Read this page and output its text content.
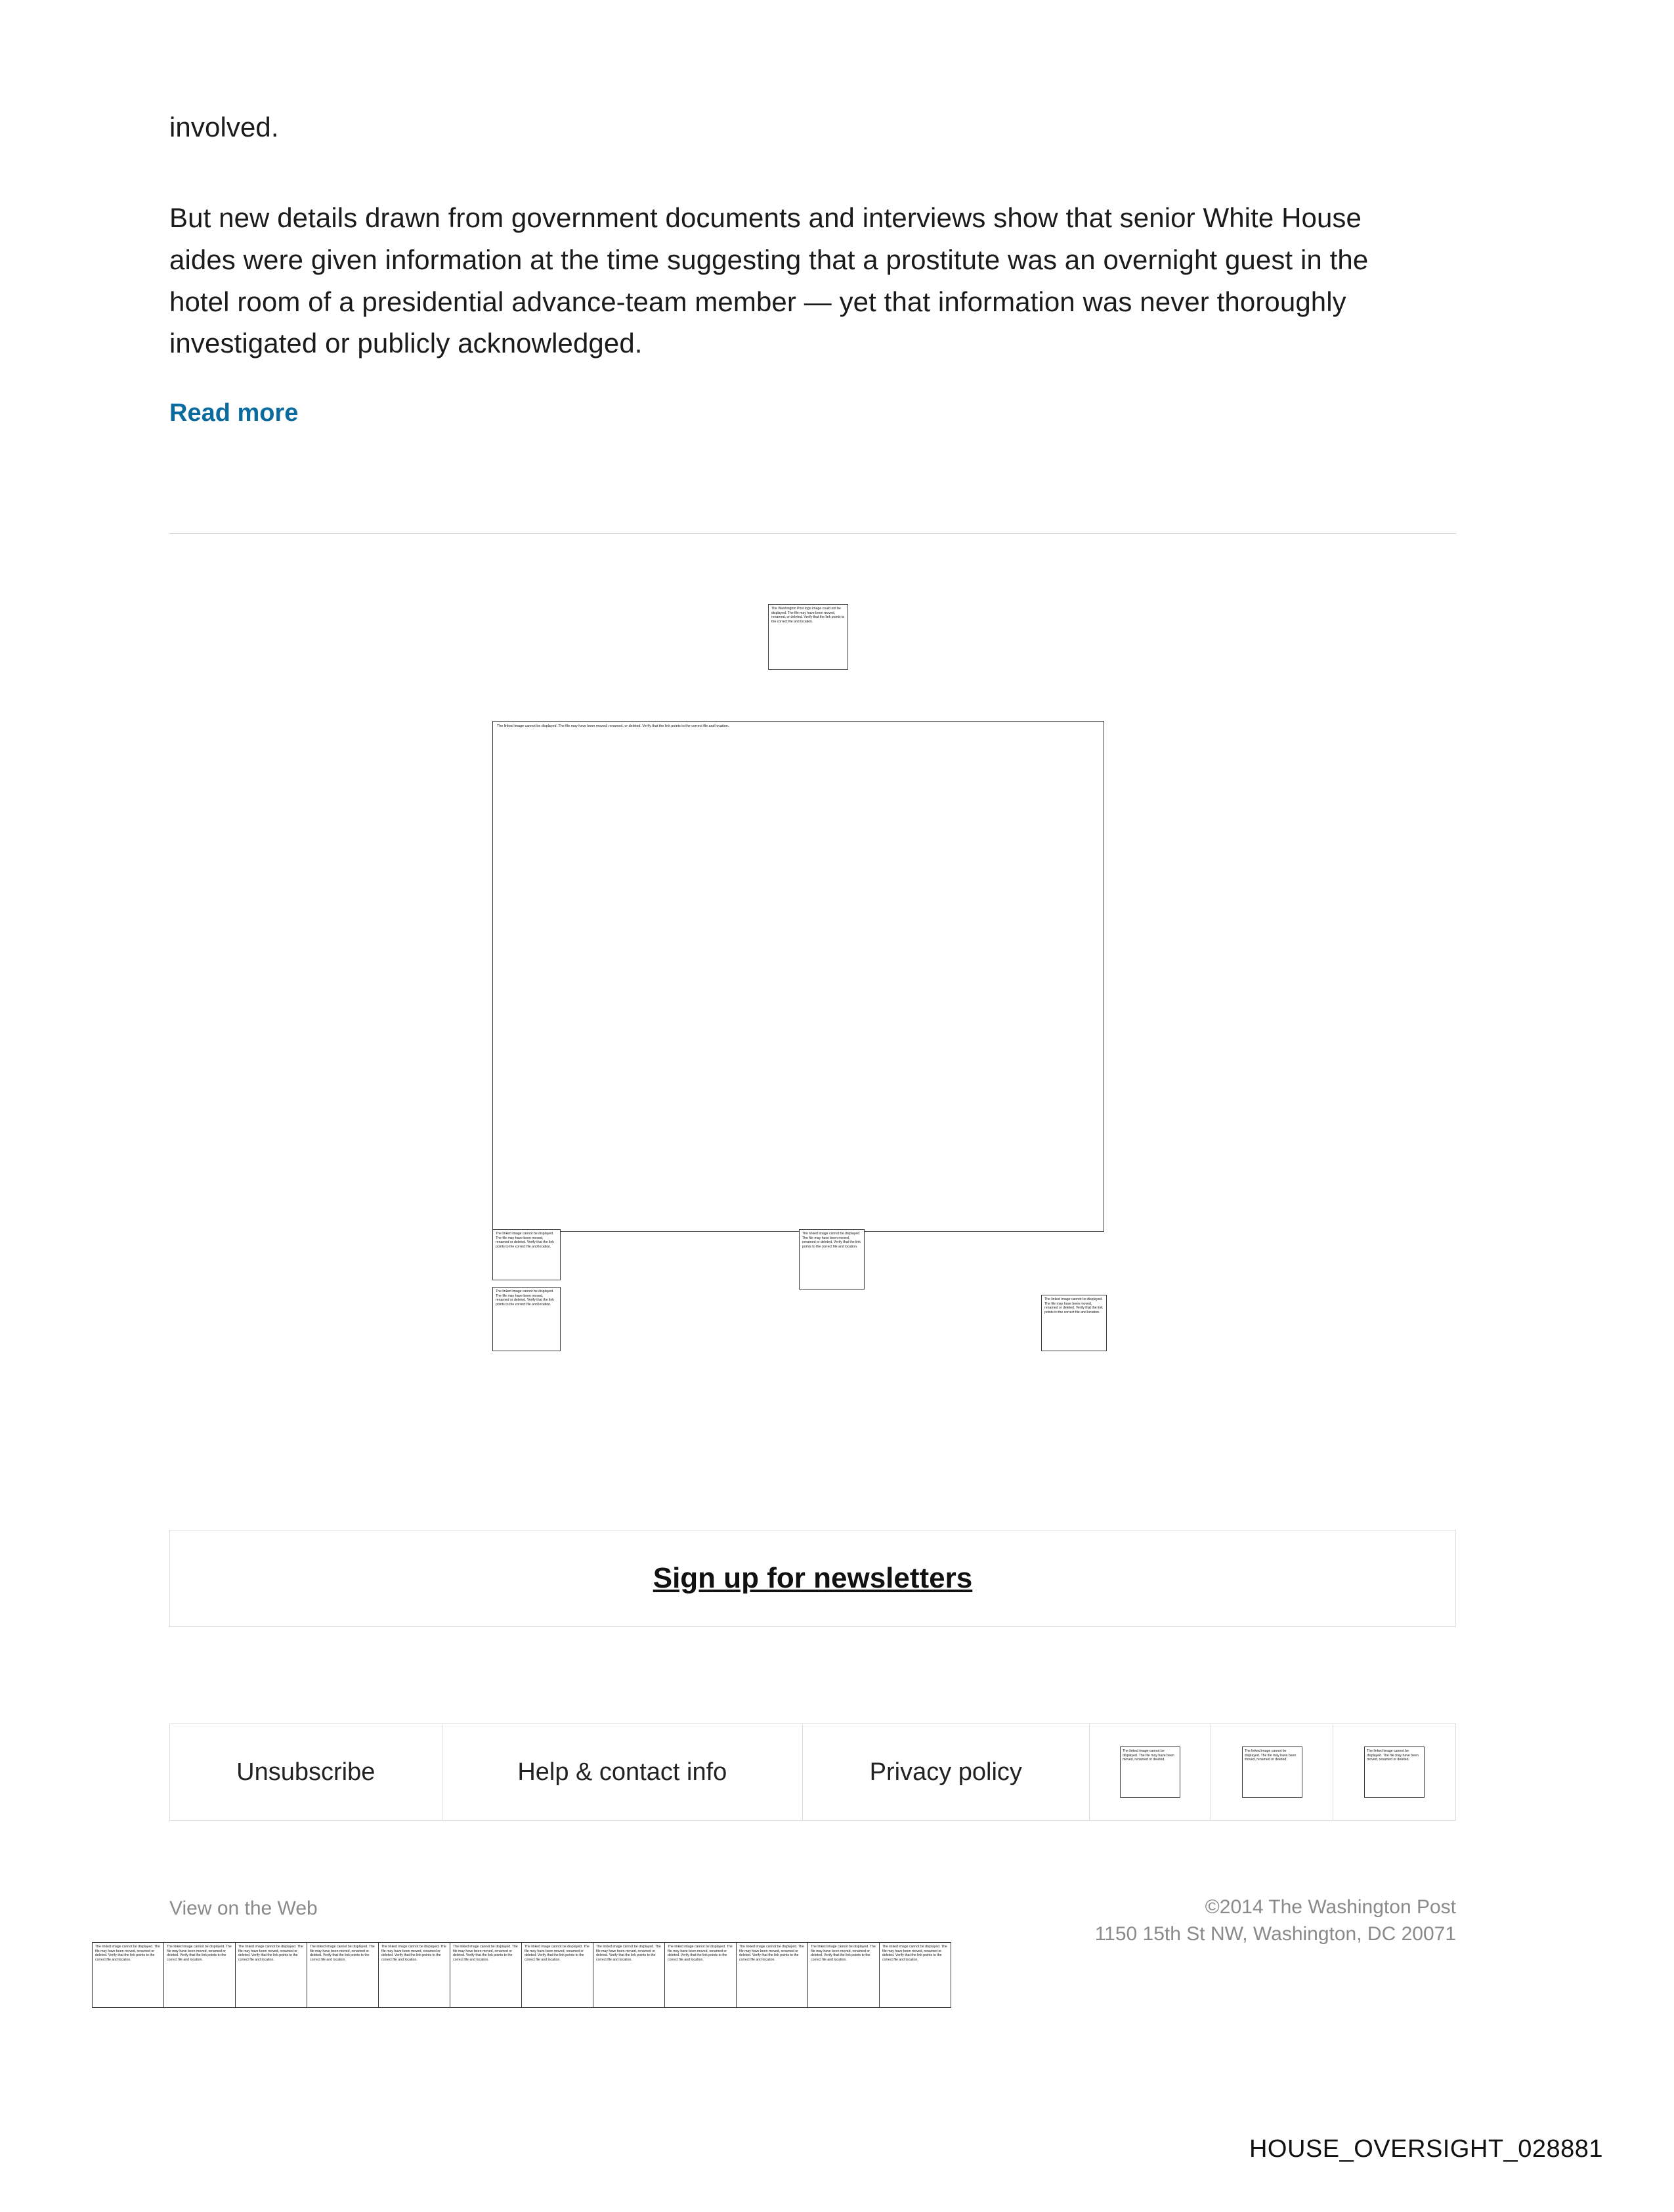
involved.

But new details drawn from government documents and interviews show that senior White House aides were given information at the time suggesting that a prostitute was an overnight guest in the hotel room of a presidential advance-team member — yet that information was never thoroughly investigated or publicly acknowledged.

Read more
The Washington Post logo image could not be displayed. The file may have been moved, renamed, or deleted. Verify that the link points to the correct file and location.
The linked image cannot be displayed. The file may have been moved, renamed, or deleted. Verify that the link points to the correct file and location.
The linked image cannot be displayed. The file may have been moved, renamed or deleted. Verify that the link points to the correct file and location.
The linked image cannot be displayed. The file may have been moved, renamed or deleted. Verify that the link points to the correct file and location.
The linked image cannot be displayed. The file may have been moved, renamed or deleted. Verify that the link points to the correct file and location.
The linked image cannot be displayed. The file may have been moved, renamed or deleted. Verify that the link points to the correct file and location.
Sign up for newsletters
Unsubscribe	Help & contact info	Privacy policy
The linked image cannot be displayed. The file may have been moved, renamed or deleted.
The linked image cannot be displayed. The file may have been moved, renamed or deleted.
The linked image cannot be displayed. The file may have been moved, renamed or deleted.
View on the Web	©2014 The Washington Post
1150 15th St NW, Washington, DC 20071
The linked image cannot be displayed. The file may have been moved, renamed or deleted. Verify that the link points to the correct file and location.
The linked image cannot be displayed. The file may have been moved, renamed or deleted. Verify that the link points to the correct file and location.
The linked image cannot be displayed. The file may have been moved, renamed or deleted. Verify that the link points to the correct file and location.
The linked image cannot be displayed. The file may have been moved, renamed or deleted. Verify that the link points to the correct file and location.
The linked image cannot be displayed. The file may have been moved, renamed or deleted. Verify that the link points to the correct file and location.
The linked image cannot be displayed. The file may have been moved, renamed or deleted. Verify that the link points to the correct file and location.
The linked image cannot be displayed. The file may have been moved, renamed or deleted. Verify that the link points to the correct file and location.
The linked image cannot be displayed. The file may have been moved, renamed or deleted. Verify that the link points to the correct file and location.
The linked image cannot be displayed. The file may have been moved, renamed or deleted. Verify that the link points to the correct file and location.
The linked image cannot be displayed. The file may have been moved, renamed or deleted. Verify that the link points to the correct file and location.
The linked image cannot be displayed. The file may have been moved, renamed or deleted. Verify that the link points to the correct file and location.
The linked image cannot be displayed. The file may have been moved, renamed or deleted. Verify that the link points to the correct file and location.
HOUSE_OVERSIGHT_028881
